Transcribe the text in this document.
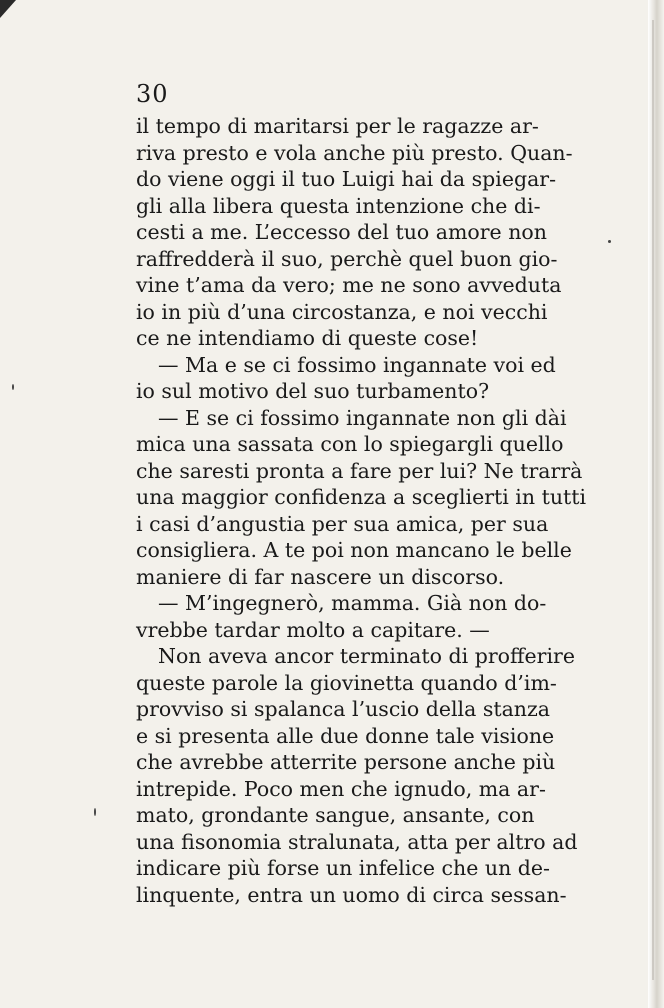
30
il tempo di maritarsi per le ragazze ar-
riva presto e vola anche più presto. Quan-
do viene oggi il tuo Luigi hai da spiegar-
gli alla libera questa intenzione che di-
cesti a me. L’eccesso del tuo amore non
raffredderà il suo, perchè quel buon gio-
vine t’ama da vero; me ne sono avveduta
io in più d’una circostanza, e noi vecchi
ce ne intendiamo di queste cose!
— Ma e se ci fossimo ingannate voi ed
io sul motivo del suo turbamento?
— E se ci fossimo ingannate non gli dài
mica una sassata con lo spiegargli quello
che saresti pronta a fare per lui? Ne trarrà
una maggior confidenza a sceglierti in tutti
i casi d’angustia per sua amica, per sua
consigliera. A te poi non mancano le belle
maniere di far nascere un discorso.
— M’ingegnerò, mamma. Già non do-
vrebbe tardar molto a capitare. —
Non aveva ancor terminato di profferire
queste parole la giovinetta quando d’im-
provviso si spalanca l’uscio della stanza
e si presenta alle due donne tale visione
che avrebbe atterrite persone anche più
intrepide. Poco men che ignudo, ma ar-
mato, grondante sangue, ansante, con
una fisonomia stralunata, atta per altro ad
indicare più forse un infelice che un de-
linquente, entra un uomo di circa sessan-
